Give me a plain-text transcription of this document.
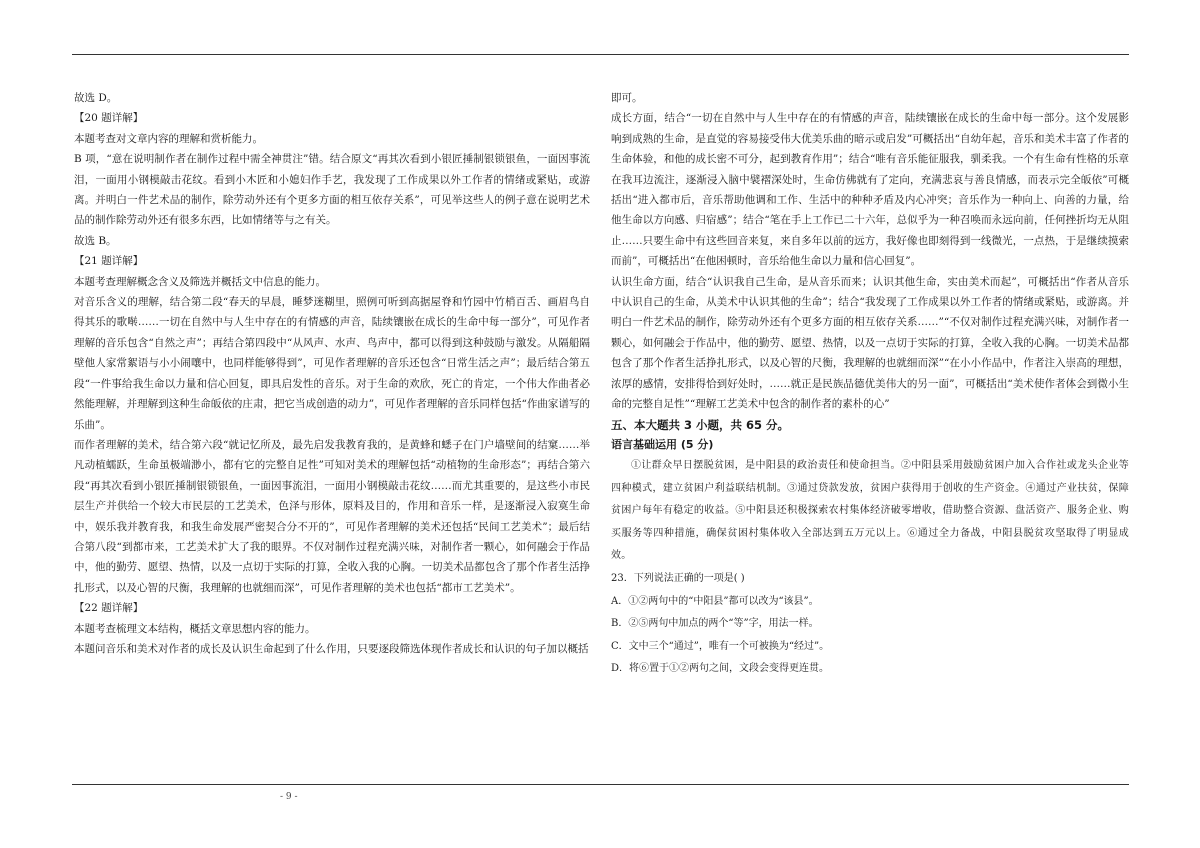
故选 D。

【20 题详解】

本题考查对文章内容的理解和赏析能力。

B 项，“意在说明制作者在制作过程中需全神贯注”错。结合原文“再其次看到小银匠捶制银锁银鱼，一面因事流泪，一面用小钢模敲击花纹。看到小木匠和小媳妇作手艺，我发现了工作成果以外工作者的情绪或紧贴，或游离。并明白一件艺术品的制作，除劳动外还有个更多方面的相互依存关系”，可见举这些人的例子意在说明艺术品的制作除劳动外还有很多东西，比如情绪等与之有关。

故选 B。

【21 题详解】

本题考查理解概念含义及筛选并概括文中信息的能力。

对音乐含义的理解，结合第二段“春天的早晨，睡梦迷糊里，照例可听到高据屋脊和竹园中竹梢百舌、画眉鸟自得其乐的歌啭……一切在自然中与人生中存在的有情感的声音，陆续镶嵌在成长的生命中每一部分”，可见作者理解的音乐包含“自然之声”；再结合第四段中“从风声、水声、鸟声中，都可以得到这种鼓励与激发。从隔船隔壁他人家常絮语与小小闹嚷中，也同样能够得到”，可见作者理解的音乐还包含“日常生活之声”；最后结合第五段“一件事给我生命以力量和信心回复，即具启发性的音乐。对于生命的欢欣，死亡的肯定，一个伟大作曲者必然能理解，并理解到这种生命皈依的庄肃，把它当成创造的动力”，可见作者理解的音乐同样包括“作曲家谱写的乐曲”。

而作者理解的美术，结合第六段“就记忆所及，最先启发我教育我的，是黄蜂和蟋子在门户墙壁间的结窠……举凡动植蠕跃，生命虽极端渺小，都有它的完整自足性”可知对美术的理解包括“动植物的生命形态”；再结合第六段“再其次看到小银匠捶制银锁银鱼，一面因事流泪，一面用小钢模敲击花纹……而尤其重要的，是这些小市民层生产并供给一个较大市民层的工艺美术，色泽与形体，原料及目的，作用和音乐一样，是逐渐浸入寂寞生命中，娱乐我并教育我，和我生命发展严密契合分不开的”，可见作者理解的美术还包括“民间工艺美术”；最后结合第八段“到都市来，工艺美术扩大了我的眼界。不仅对制作过程充满兴味，对制作者一颗心，如何融会于作品中，他的勤劳、愿望、热情，以及一点切于实际的打算，全收入我的心胸。一切美术品都包含了那个作者生活挣扎形式，以及心智的尺衡，我理解的也就细而深”，可见作者理解的美术也包括“都市工艺美术”。

【22 题详解】

本题考查梳理文本结构，概括文章思想内容的能力。

本题问音乐和美术对作者的成长及认识生命起到了什么作用，只要逐段筛选体现作者成长和认识的句子加以概括

即可。

成长方面，结合“一切在自然中与人生中存在的有情感的声音，陆续镶嵌在成长的生命中每一部分。这个发展影响到成熟的生命，是直觉的容易接受伟大优美乐曲的暗示或启发”可概括出“自幼年起，音乐和美术丰富了作者的生命体验，和他的成长密不可分，起到教育作用”；结合“唯有音乐能征服我，驯柔我。一个有生命有性格的乐章在我耳边流注，逐渐浸入脑中襞褶深处时，生命仿佛就有了定向，充满悲哀与善良情感，而表示完全皈依”可概括出“进入都市后，音乐帮助他调和工作、生活中的种种矛盾及内心冲突；音乐作为一种向上、向善的力量，给他生命以方向感、归宿感”；结合“笔在手上工作已二十六年，总似乎为一种召唤而永远向前，任何挫折均无从阻止……只要生命中有这些回音来复，来自多年以前的远方，我好像也即刻得到一线微光，一点热，于是继续摸索而前”，可概括出“在他困顿时，音乐给他生命以力量和信心回复”。

认识生命方面，结合“认识我自己生命，是从音乐而来；认识其他生命，实由美术而起”，可概括出“作者从音乐中认识自己的生命，从美术中认识其他的生命”；结合“我发现了工作成果以外工作者的情绪或紧贴，或游离。并明白一件艺术品的制作，除劳动外还有个更多方面的相互依存关系……”“不仅对制作过程充满兴味，对制作者一颗心，如何融会于作品中，他的勤劳、愿望、热情，以及一点切于实际的打算，全收入我的心胸。一切美术品都包含了那个作者生活挣扎形式，以及心智的尺衡，我理解的也就细而深”“在小小作品中，作者注入崇高的理想，浓厚的感情，安排得恰到好处时，……就正是民族品德优美伟大的另一面”，可概括出“美术使作者体会到微小生命的完整自足性”“理解工艺美术中包含的制作者的素朴的心”

五、本大题共 3 小题，共 65 分。

语言基础运用 (5 分)

①让群众早日摆脱贫困，是中阳县的政治责任和使命担当。②中阳县采用鼓励贫困户加入合作社或龙头企业等四种模式，建立贫困户利益联结机制。③通过贷款发放，贫困户获得用于创收的生产资金。④通过产业扶贫，保障贫困户每年有稳定的收益。⑤中阳县还积极探索农村集体经济破零增收，借助整合资源、盘活资产、服务企业、购买服务等四种措施，确保贫困村集体收入全部达到五万元以上。⑥通过全力备战，中阳县脱贫攻坚取得了明显成效。

23．下列说法正确的一项是( )

A．①②两句中的“中阳县”都可以改为“该县”。

B．②⑤两句中加点的两个“等”字，用法一样。

C．文中三个“通过”，唯有一个可被换为“经过”。

D．将⑥置于①②两句之间，文段会变得更连贯。

- 9 -
